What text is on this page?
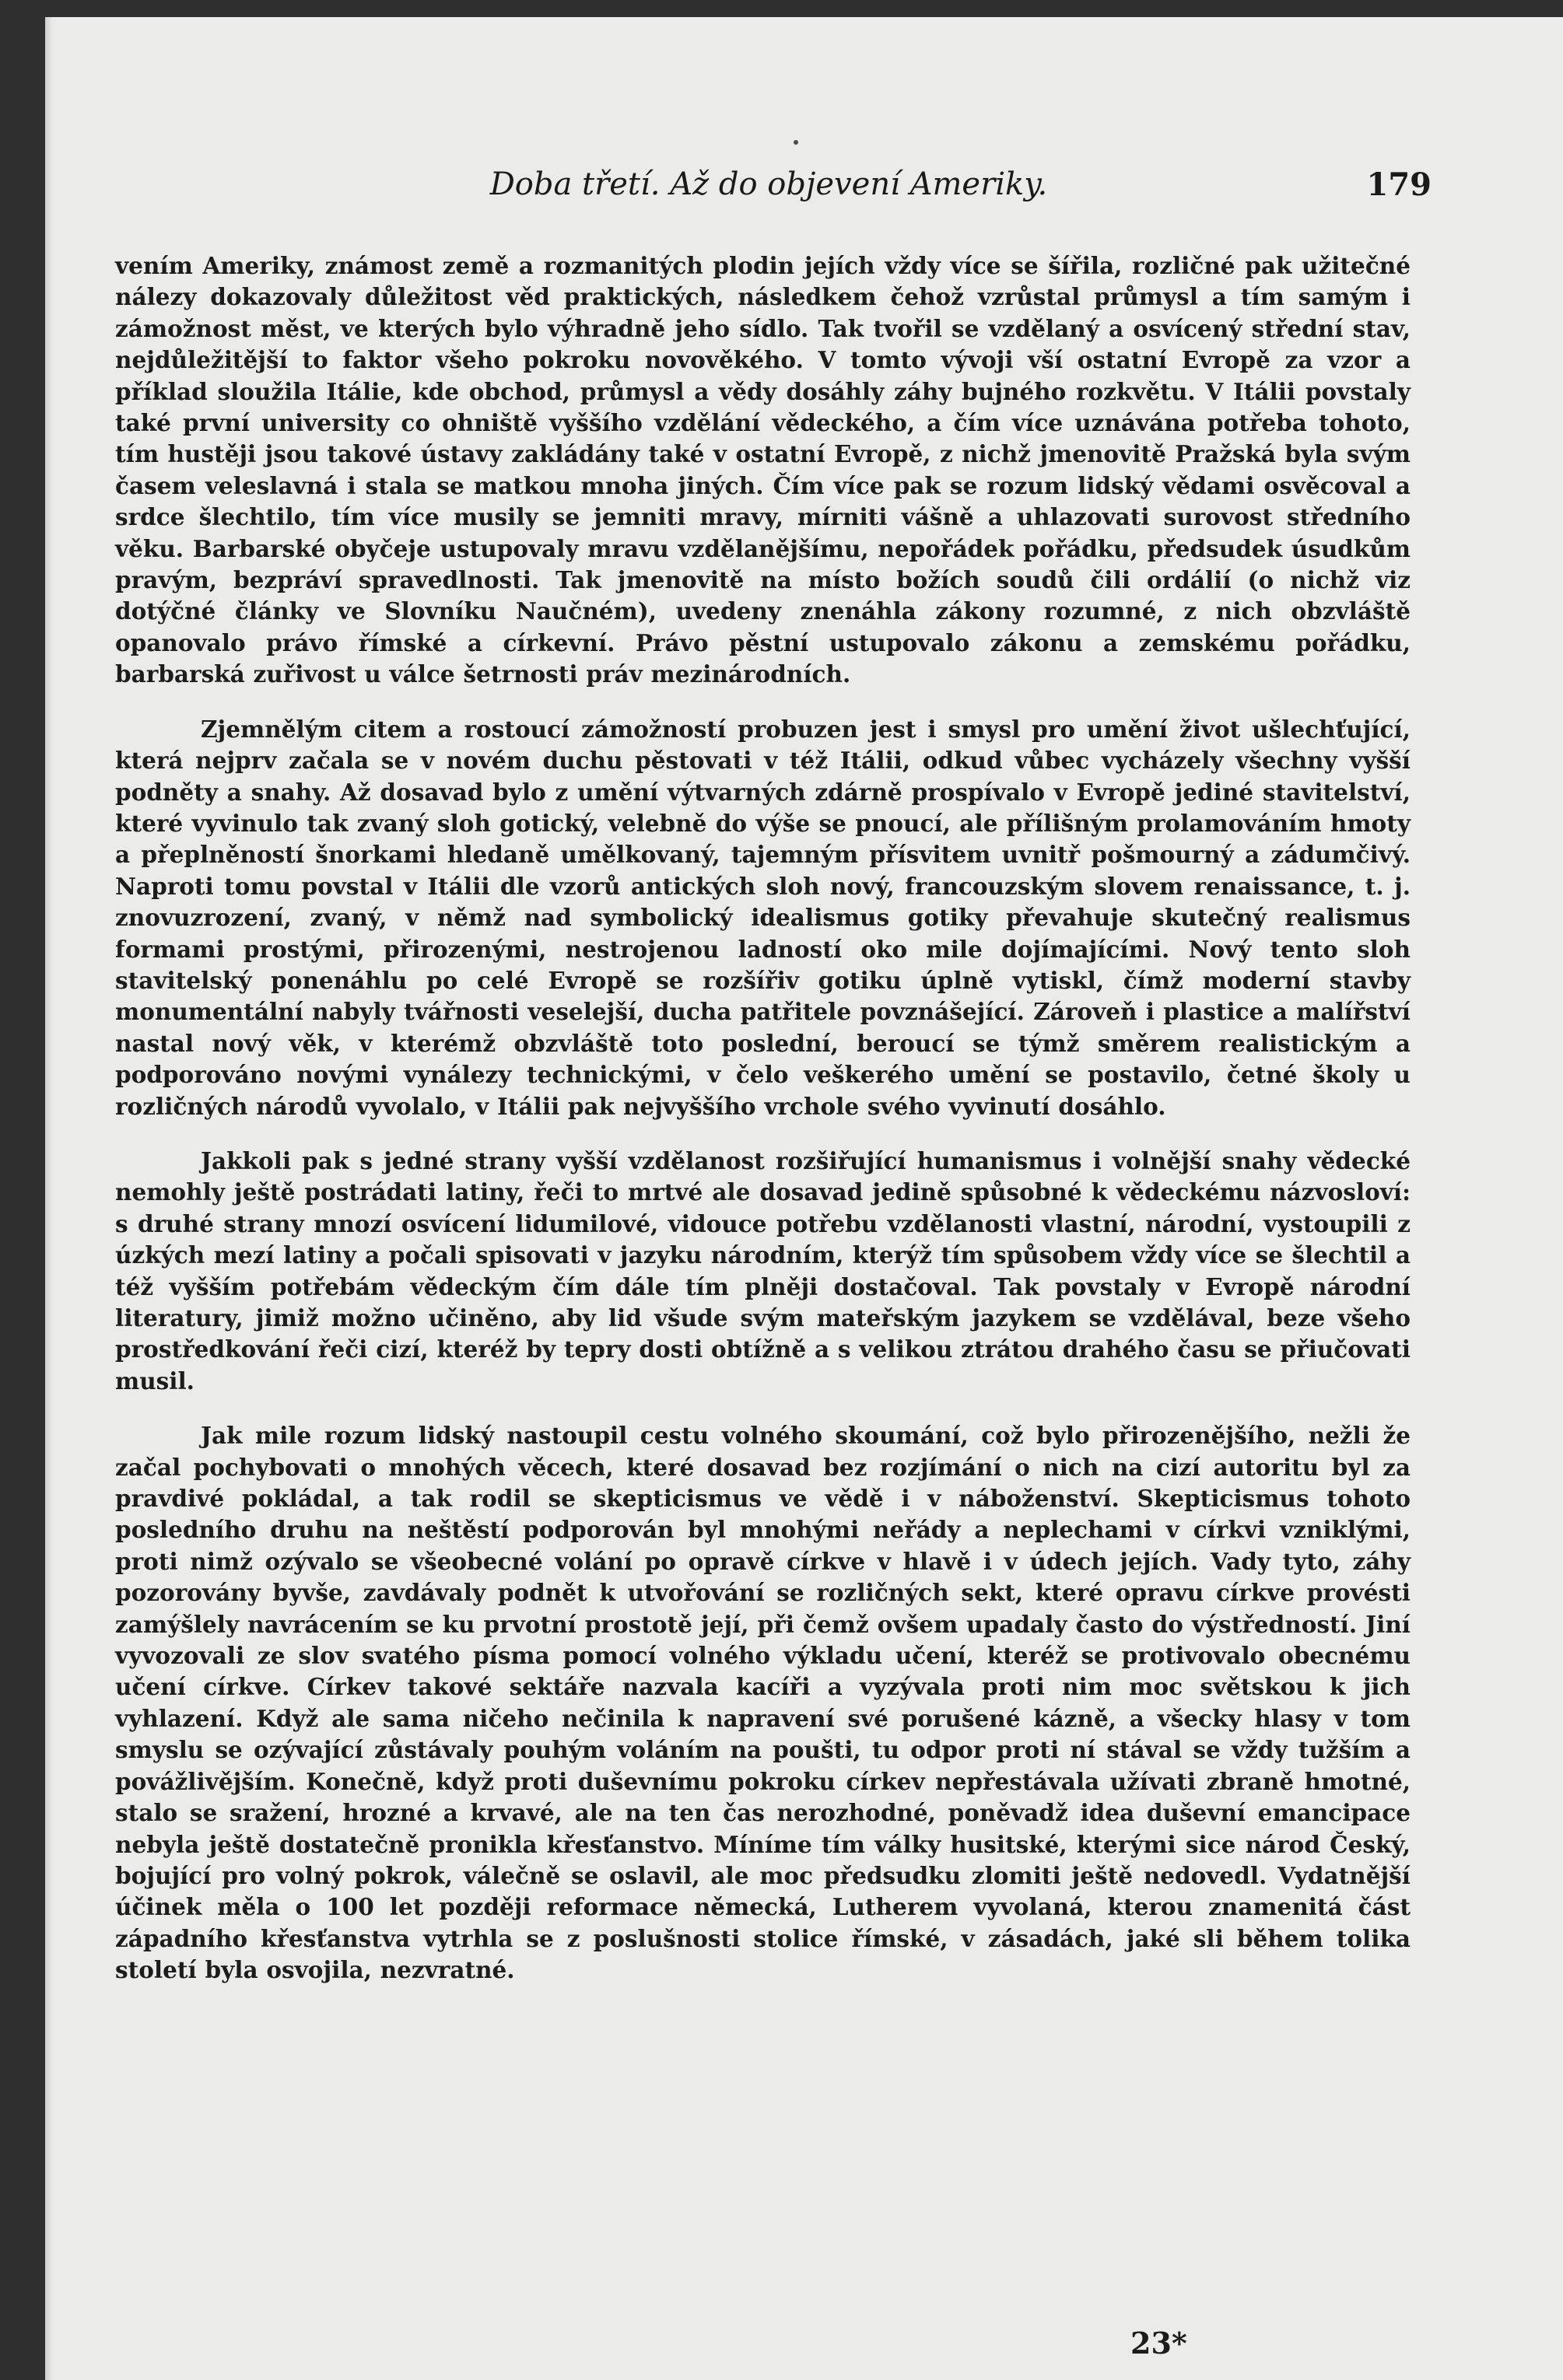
Doba třetí. Až do objevení Ameriky.	179

vením Ameriky, známost země a rozmanitých plodin jejích vždy více se šířila, rozličné pak užitečné nálezy dokazovaly důležitost věd praktických, následkem čehož vzrůstal průmysl a tím samým i zámožnost měst, ve kterých bylo výhradně jeho sídlo. Tak tvořil se vzdělaný a osvícený střední stav, nejdůležitější to faktor všeho pokroku novověkého. V tomto vývoji vší ostatní Evropě za vzor a příklad sloužila Itálie, kde obchod, průmysl a vědy dosáhly záhy bujného rozkvětu. V Itálii povstaly také první university co ohniště vyššího vzdělání vědeckého, a čím více uznávána potřeba tohoto, tím hustěji jsou takové ústavy zakládány také v ostatní Evropě, z nichž jmenovitě Pražská byla svým časem veleslavná i stala se matkou mnoha jiných. Čím více pak se rozum lidský vědami osvěcoval a srdce šlechtilo, tím více musily se jemniti mravy, mírniti vášně a uhlazovati surovost středního věku. Barbarské obyčeje ustupovaly mravu vzdělanějšímu, nepořádek pořádku, předsudek úsudkům pravým, bezpráví spravedlnosti. Tak jmenovitě na místo božích soudů čili ordálií (o nichž viz dotýčné články ve Slovníku Naučném), uvedeny znenáhla zákony rozumné, z nich obzvláště opanovalo právo římské a církevní. Právo pěstní ustupovalo zákonu a zemskému pořádku, barbarská zuřivost u válce šetrnosti práv mezinárodních.

Zjemnělým citem a rostoucí zámožností probuzen jest i smysl pro umění život ušlechťující, která nejprv začala se v novém duchu pěstovati v též Itálii, odkud vůbec vycházely všechny vyšší podněty a snahy. Až dosavad bylo z umění výtvarných zdárně prospívalo v Evropě jediné stavitelství, které vyvinulo tak zvaný sloh gotický, velebně do výše se pnoucí, ale přílišným prolamováním hmoty a přeplněností šnorkami hledaně umělkovaný, tajemným přísvitem uvnitř pošmourný a zádumčivý. Naproti tomu povstal v Itálii dle vzorů antických sloh nový, francouzským slovem renaissance, t. j. znovuzrození, zvaný, v němž nad symbolický idealismus gotiky převahuje skutečný realismus formami prostými, přirozenými, nestrojenou ladností oko mile dojímajícími. Nový tento sloh stavitelský ponenáhlu po celé Evropě se rozšířiv gotiku úplně vytiskl, čímž moderní stavby monumentální nabyly tvářnosti veselejší, ducha patřitele povznášející. Zároveň i plastice a malířství nastal nový věk, v kterémž obzvláště toto poslední, beroucí se týmž směrem realistickým a podporováno novými vynálezy technickými, v čelo veškerého umění se postavilo, četné školy u rozličných národů vyvolalo, v Itálii pak nejvyššího vrchole svého vyvinutí dosáhlo.

Jakkoli pak s jedné strany vyšší vzdělanost rozšiřující humanismus i volnější snahy vědecké nemohly ještě postrádati latiny, řeči to mrtvé ale dosavad jedině spůsobné k vědeckému názvosloví: s druhé strany mnozí osvícení lidumilové, vidouce potřebu vzdělanosti vlastní, národní, vystoupili z úzkých mezí latiny a počali spisovati v jazyku národním, kterýž tím spůsobem vždy více se šlechtil a též vyšším potřebám vědeckým čím dále tím plněji dostačoval. Tak povstaly v Evropě národní literatury, jimiž možno učiněno, aby lid všude svým mateřským jazykem se vzdělával, beze všeho prostředkování řeči cizí, kteréž by tepry dosti obtížně a s velikou ztrátou drahého času se přiučovati musil.

Jak mile rozum lidský nastoupil cestu volného skoumání, což bylo přirozenějšího, nežli že začal pochybovati o mnohých věcech, které dosavad bez rozjímání o nich na cizí autoritu byl za pravdivé pokládal, a tak rodil se skepticismus ve vědě i v náboženství. Skepticismus tohoto posledního druhu na neštěstí podporován byl mnohými neřády a neplechami v církvi vzniklými, proti nimž ozývalo se všeobecné volání po opravě církve v hlavě i v údech jejích. Vady tyto, záhy pozorovány byvše, zavdávaly podnět k utvořování se rozličných sekt, které opravu církve provésti zamýšlely navrácením se ku prvotní prostotě její, při čemž ovšem upadaly často do výstředností. Jiní vyvozovali ze slov svatého písma pomocí volného výkladu učení, kteréž se protivovalo obecnému učení církve. Církev takové sektáře nazvala kacíři a vyzývala proti nim moc světskou k jich vyhlazení. Když ale sama ničeho nečinila k napravení své porušené kázně, a všecky hlasy v tom smyslu se ozývající zůstávaly pouhým voláním na poušti, tu odpor proti ní stával se vždy tužším a povážlivějším. Konečně, když proti duševnímu pokroku církev nepřestávala užívati zbraně hmotné, stalo se sražení, hrozné a krvavé, ale na ten čas nerozhodné, poněvadž idea duševní emancipace nebyla ještě dostatečně pronikla křesťanstvo. Míníme tím války husitské, kterými sice národ Český, bojující pro volný pokrok, válečně se oslavil, ale moc předsudku zlomiti ještě nedovedl. Vydatnější účinek měla o 100 let později reformace německá, Lutherem vyvolaná, kterou znamenitá část západního křesťanstva vytrhla se z poslušnosti stolice římské, v zásadách, jaké sli během tolika století byla osvojila, nezvratné.

23*
